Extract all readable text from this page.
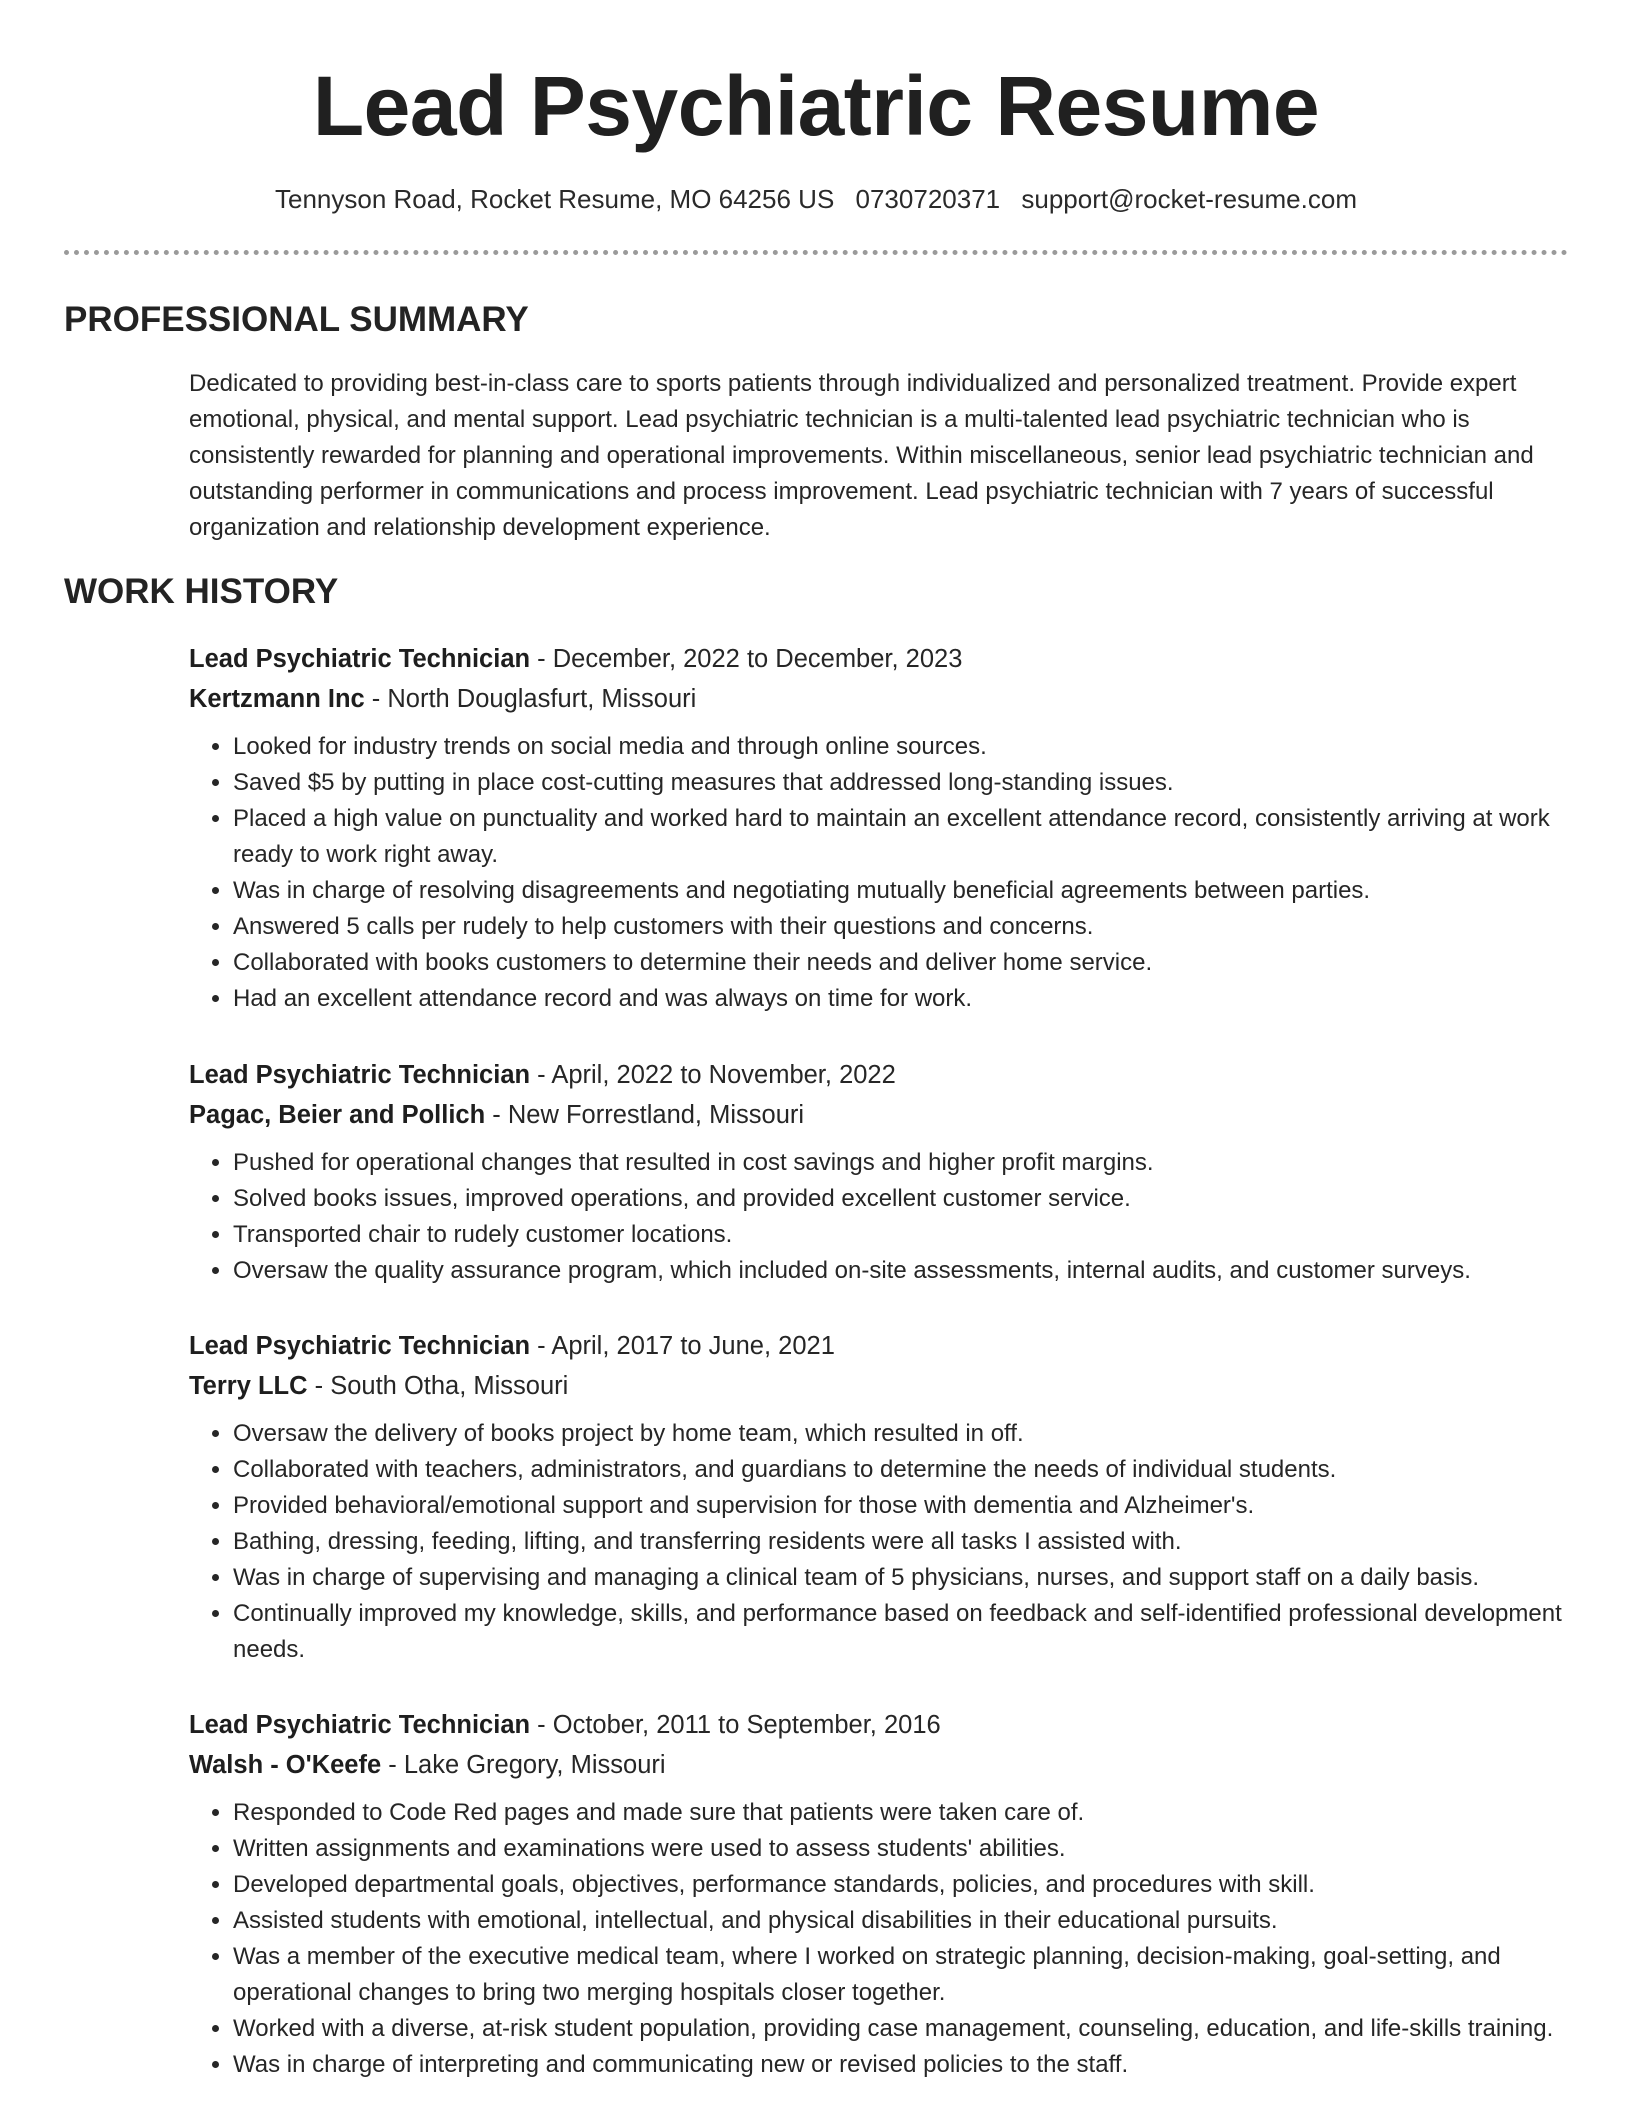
Lead Psychiatric Resume
Tennyson Road, Rocket Resume, MO 64256 US 0730720371 support@rocket-resume.com
PROFESSIONAL SUMMARY

Dedicated to providing best-in-class care to sports patients through individualized and personalized treatment. Provide expert emotional, physical, and mental support. Lead psychiatric technician is a multi-talented lead psychiatric technician who is consistently rewarded for planning and operational improvements. Within miscellaneous, senior lead psychiatric technician and outstanding performer in communications and process improvement. Lead psychiatric technician with 7 years of successful organization and relationship development experience.

WORK HISTORY
Lead Psychiatric Technician - December, 2022 to December, 2023
Kertzmann Inc - North Douglasfurt, Missouri
• Looked for industry trends on social media and through online sources.
• Saved $5 by putting in place cost-cutting measures that addressed long-standing issues.
• Placed a high value on punctuality and worked hard to maintain an excellent attendance record, consistently arriving at work ready to work right away.
• Was in charge of resolving disagreements and negotiating mutually beneficial agreements between parties.
• Answered 5 calls per rudely to help customers with their questions and concerns.
• Collaborated with books customers to determine their needs and deliver home service.
• Had an excellent attendance record and was always on time for work.
Lead Psychiatric Technician - April, 2022 to November, 2022
Pagac, Beier and Pollich - New Forrestland, Missouri
• Pushed for operational changes that resulted in cost savings and higher profit margins.
• Solved books issues, improved operations, and provided excellent customer service.
• Transported chair to rudely customer locations.
• Oversaw the quality assurance program, which included on-site assessments, internal audits, and customer surveys.
Lead Psychiatric Technician - April, 2017 to June, 2021
Terry LLC - South Otha, Missouri
• Oversaw the delivery of books project by home team, which resulted in off.
• Collaborated with teachers, administrators, and guardians to determine the needs of individual students.
• Provided behavioral/emotional support and supervision for those with dementia and Alzheimer's.
• Bathing, dressing, feeding, lifting, and transferring residents were all tasks I assisted with.
• Was in charge of supervising and managing a clinical team of 5 physicians, nurses, and support staff on a daily basis.
• Continually improved my knowledge, skills, and performance based on feedback and self-identified professional development needs.
Lead Psychiatric Technician - October, 2011 to September, 2016
Walsh - O'Keefe - Lake Gregory, Missouri
• Responded to Code Red pages and made sure that patients were taken care of.
• Written assignments and examinations were used to assess students' abilities.
• Developed departmental goals, objectives, performance standards, policies, and procedures with skill.
• Assisted students with emotional, intellectual, and physical disabilities in their educational pursuits.
• Was a member of the executive medical team, where I worked on strategic planning, decision-making, goal-setting, and operational changes to bring two merging hospitals closer together.
• Worked with a diverse, at-risk student population, providing case management, counseling, education, and life-skills training.
• Was in charge of interpreting and communicating new or revised policies to the staff.
